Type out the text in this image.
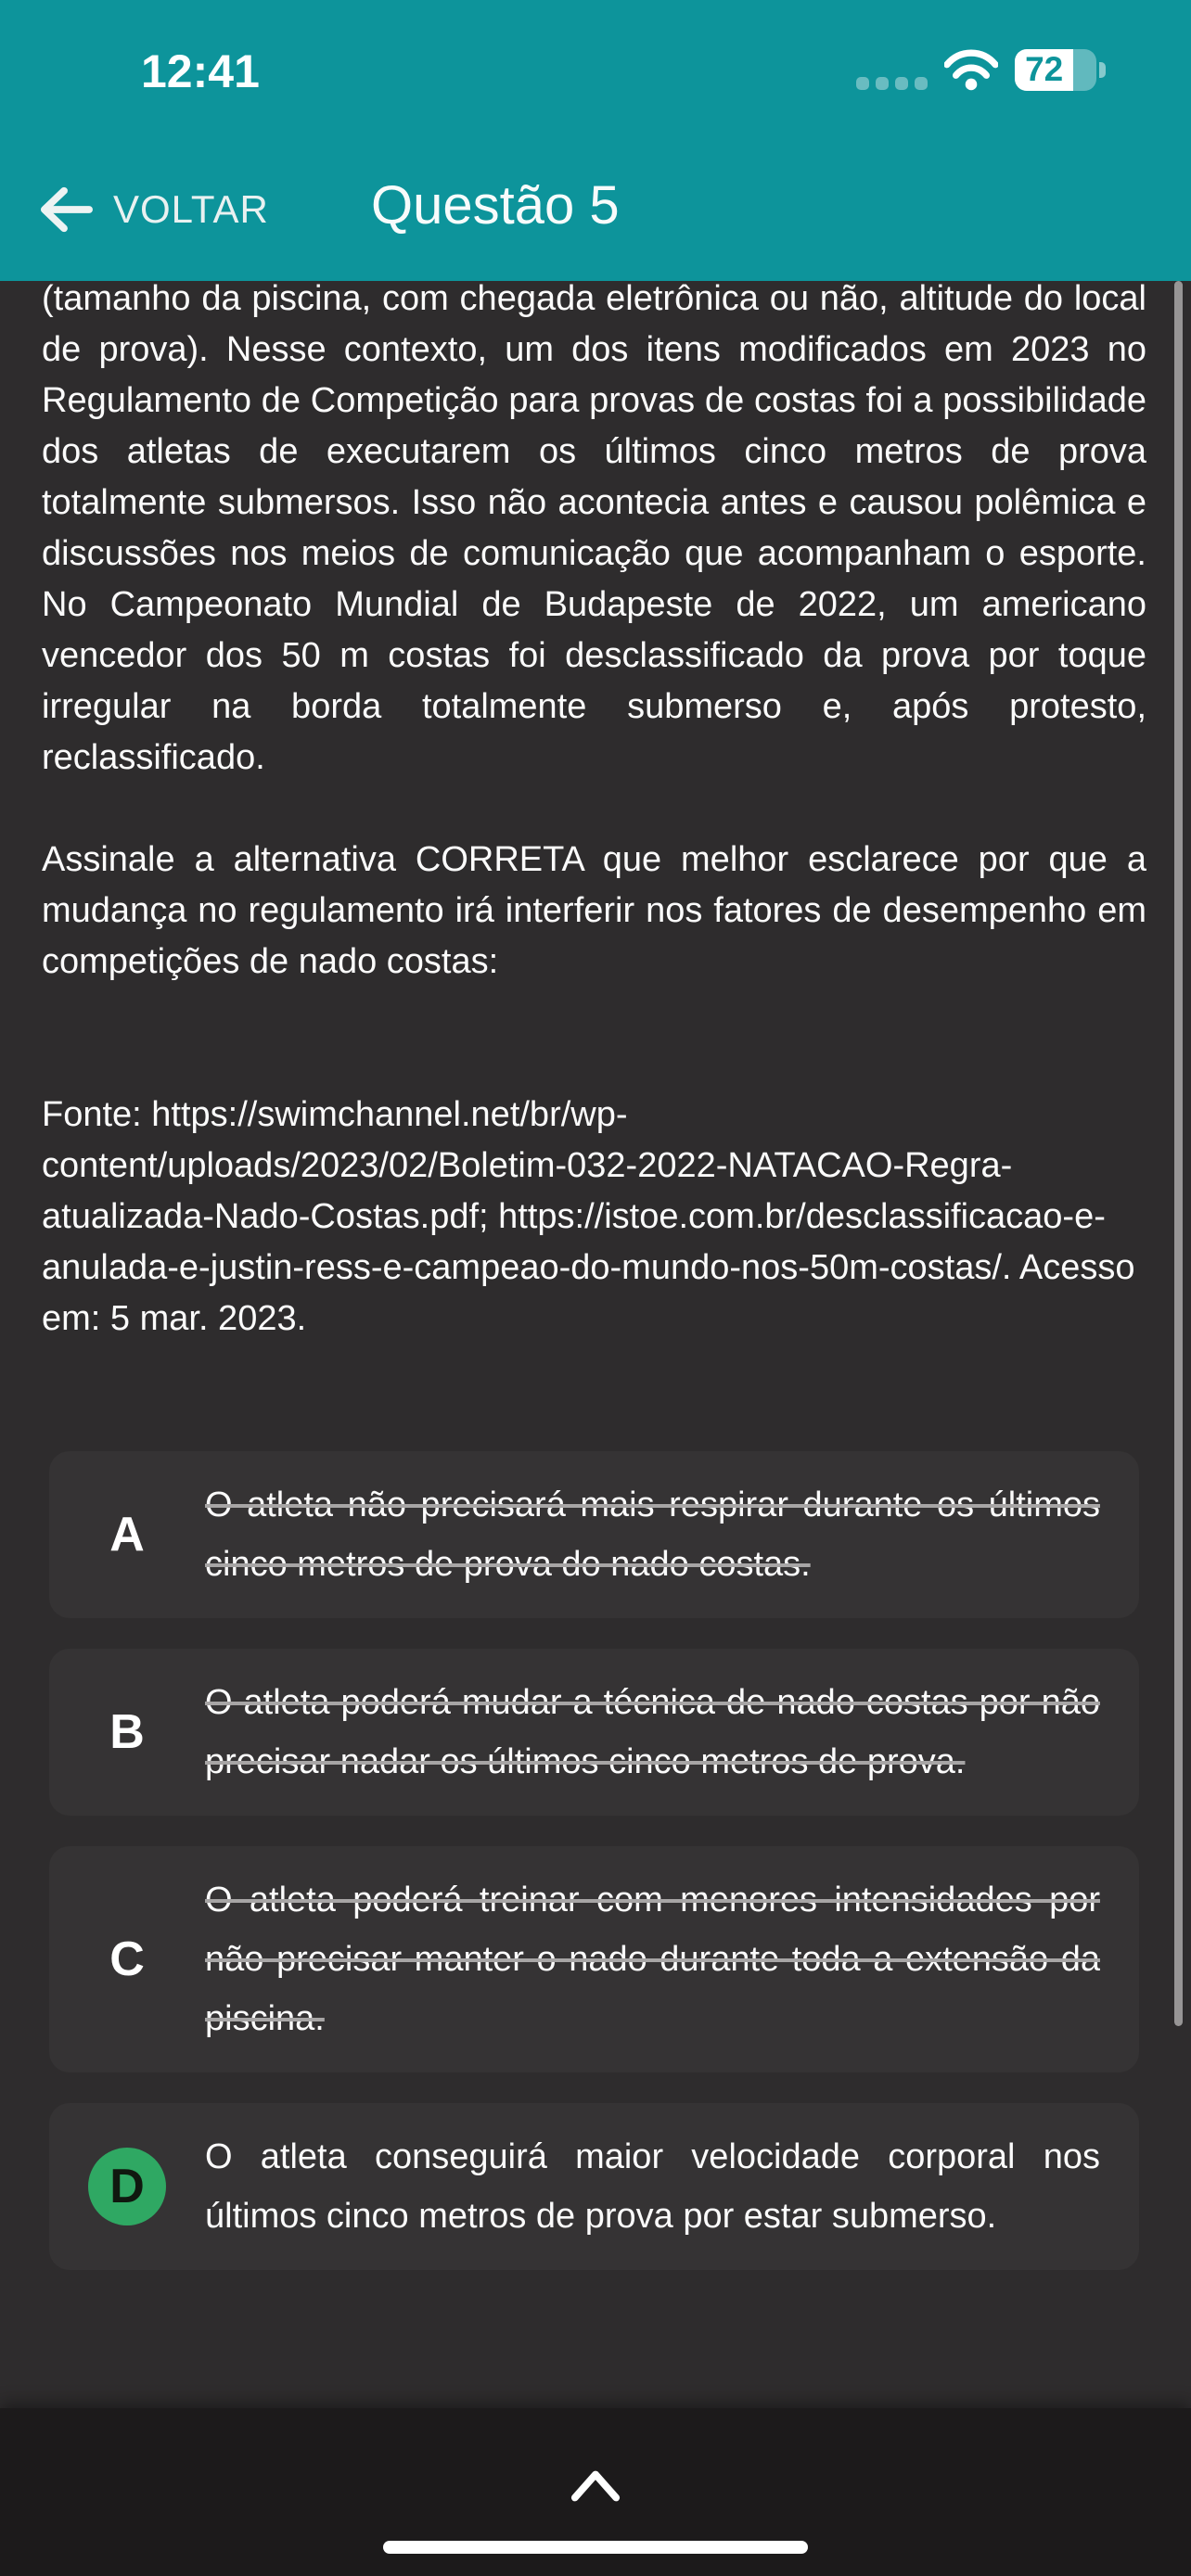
12:41	72
VOLTAR Questão 5

(tamanho da piscina, com chegada eletrônica ou não, altitude do local de prova). Nesse contexto, um dos itens modificados em 2023 no Regulamento de Competição para provas de costas foi a possibilidade dos atletas de executarem os últimos cinco metros de prova totalmente submersos. Isso não acontecia antes e causou polêmica e discussões nos meios de comunicação que acompanham o esporte. No Campeonato Mundial de Budapeste de 2022, um americano vencedor dos 50 m costas foi desclassificado da prova por toque irregular na borda totalmente submerso e, após protesto, reclassificado.

Assinale a alternativa CORRETA que melhor esclarece por que a mudança no regulamento irá interferir nos fatores de desempenho em competições de nado costas:

Fonte: https://swimchannel.net/br/wp-content/uploads/2023/02/Boletim-032-2022-NATACAO-Regra-atualizada-Nado-Costas.pdf; https://istoe.com.br/desclassificacao-e-anulada-e-justin-ress-e-campeao-do-mundo-nos-50m-costas/. Acesso em: 5 mar. 2023.

A
O atleta não precisará mais respirar durante os últimos cinco metros de prova do nado costas.
B
O atleta poderá mudar a técnica de nado costas por não precisar nadar os últimos cinco metros de prova.
C
O atleta poderá treinar com menores intensidades por não precisar manter o nado durante toda a extensão da piscina.
D
O atleta conseguirá maior velocidade corporal nos últimos cinco metros de prova por estar submerso.
